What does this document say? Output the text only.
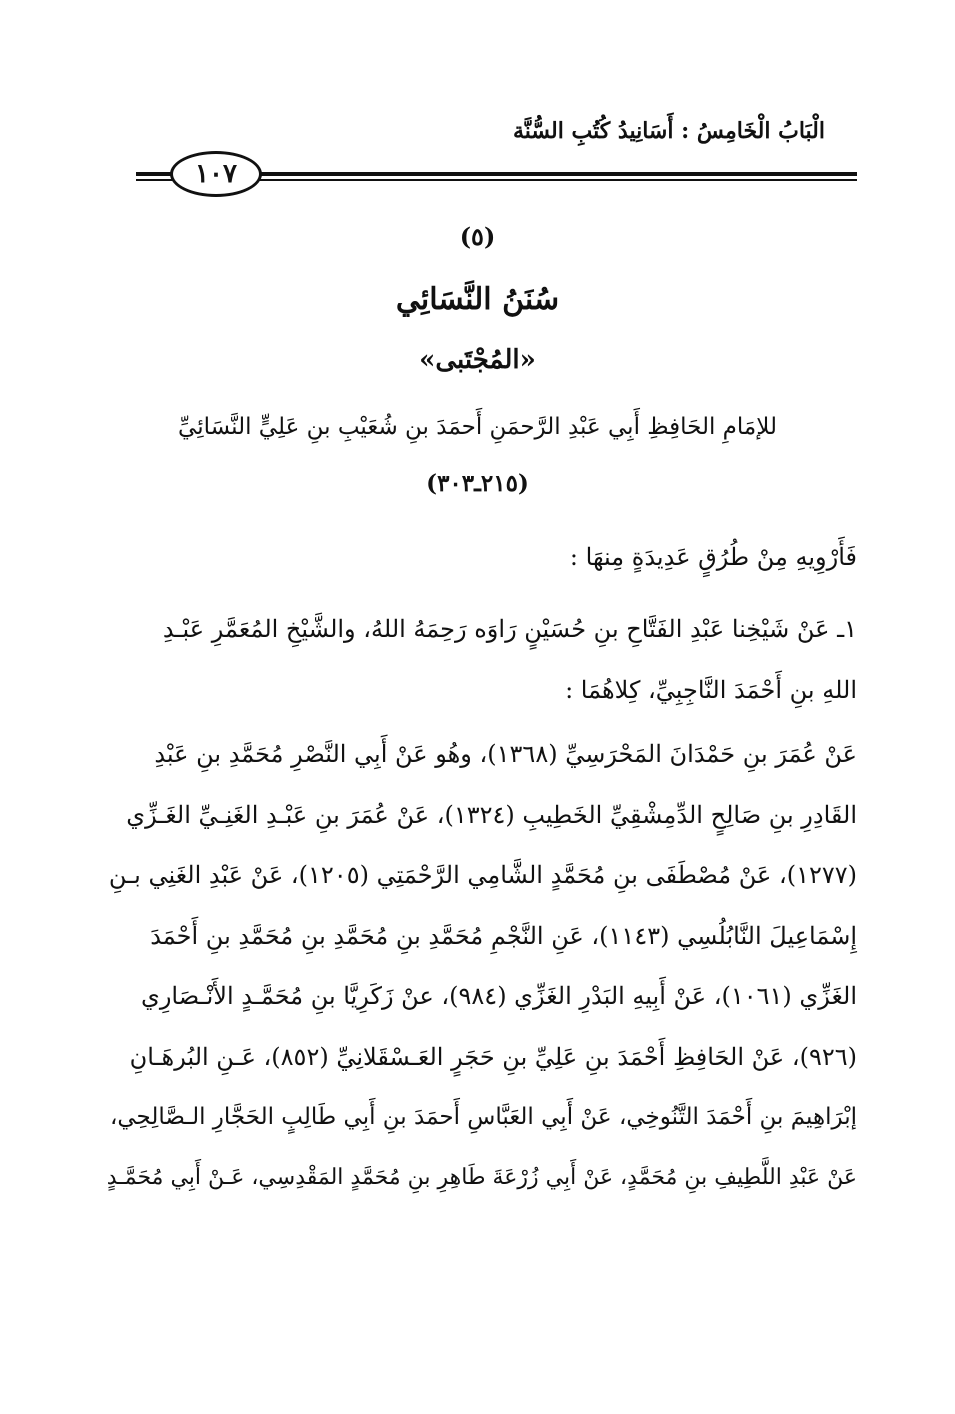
الْبَابُ الْخَامِسُ : أَسَانِيدُ كُتُبِ السُّنَّة
١٠٧
(٥)
سُنَنُ النَّسَائِي
«المُجْتَبى»
للإمَامِ الحَافِظِ أَبِي عَبْدِ الرَّحمَنِ أَحمَدَ بنِ شُعَيْبِ بنِ عَلِيٍّ النَّسَائِيِّ
(٢١٥ـ٣٠٣)
فَأَرْوِيهِ مِنْ طُرُقٍ عَدِيدَةٍ مِنهَا :
١ـ عَنْ شَيْخِنا عَبْدِ الفَتَّاحِ بنِ حُسَيْنٍ رَاوَه رَحِمَهُ اللهُ، والشَّيْخِ المُعَمَّرِ عَبْـدِ
اللهِ بنِ أَحْمَدَ النَّاجِبِيِّ، كِلاهُمَا :
عَنْ عُمَرَ بنِ حَمْدَانَ المَحْرَسِيِّ (١٣٦٨)، وهُو عَنْ أَبِي النَّصْرِ مُحَمَّدِ بنِ عَبْدِ
القَادِرِ بنِ صَالِحٍ الدِّمِشْقِيِّ الخَطِيبِ (١٣٢٤)، عَنْ عُمَرَ بنِ عَبْـدِ الغَنِـيِّ الغَـزِّي
(١٢٧٧)، عَنْ مُصْطَفَى بنِ مُحَمَّدٍ الشَّامِي الرَّحْمَتِي (١٢٠٥)، عَنْ عَبْدِ الغَنِي بـنِ
إِسْمَاعِيلَ النَّابُلُسِي (١١٤٣)، عَنِ النَّجْمِ مُحَمَّدِ بنِ مُحَمَّدِ بنِ مُحَمَّدِ بنِ أَحْمَدَ
الغَزِّي (١٠٦١)، عَنْ أَبِيهِ البَدْرِ الغَزِّي (٩٨٤)، عنْ زَكَرِيَّا بنِ مُحَمَّـدٍ الأَنْـصَارِي
(٩٢٦)، عَنْ الحَافِظِ أَحْمَدَ بنِ عَلِيِّ بنِ حَجَرٍ العَـسْقَلانِيِّ (٨٥٢)، عَـنِ البُرهَـانِ
إبْرَاهِيمَ بنِ أَحْمَدَ التَّنُوخِي، عَنْ أَبِي العَبَّاسِ أَحمَدَ بنِ أَبِي طَالِبٍ الحَجَّارِ الـصَّالِحِي،
عَنْ عَبْدِ اللَّطِيفِ بنِ مُحَمَّدٍ، عَنْ أَبِي زُرْعَةَ طَاهِرِ بنِ مُحَمَّدٍ المَقْدِسِي، عَـنْ أَبِي مُحَمَّـدٍ
